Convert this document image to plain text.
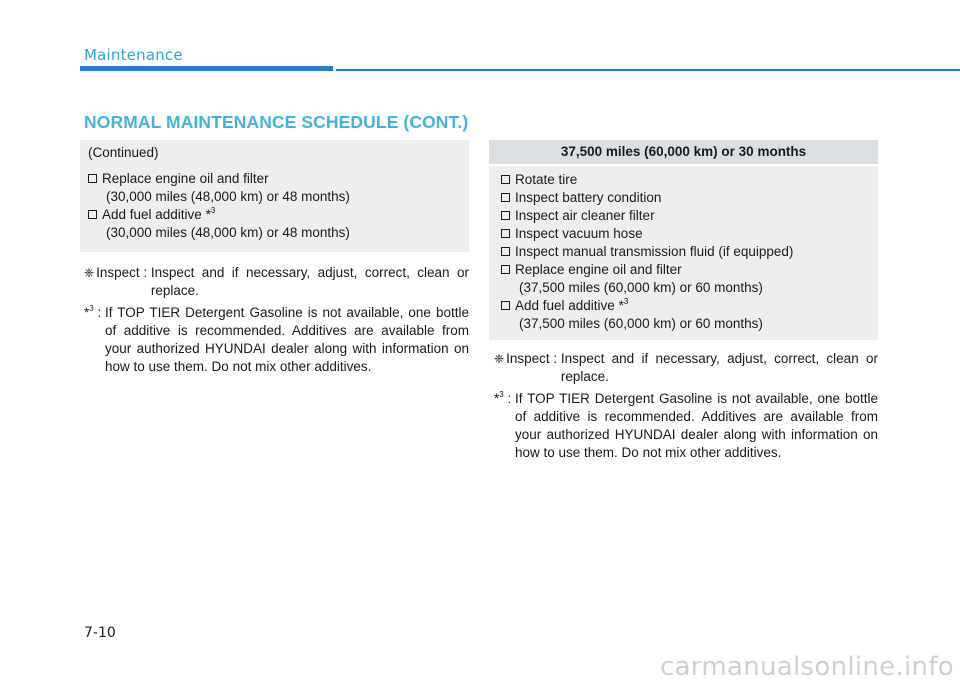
Maintenance
NORMAL MAINTENANCE SCHEDULE (CONT.)
(Continued)
Replace engine oil and filter
(30,000 miles (48,000 km) or 48 months)
Add fuel additive *$^3$
(30,000 miles (48,000 km) or 48 months)
❈ Inspect : Inspect and if necessary, adjust, correct, clean or replace.
*$^3$ : If TOP TIER Detergent Gasoline is not available, one bottle of additive is recommended. Additives are available from your authorized HYUNDAI dealer along with information on how to use them. Do not mix other additives.
37,500 miles (60,000 km) or 30 months
Rotate tire
Inspect battery condition
Inspect air cleaner filter
Inspect vacuum hose
Inspect manual transmission fluid (if equipped)
Replace engine oil and filter
(37,500 miles (60,000 km) or 60 months)
Add fuel additive *$^3$
(37,500 miles (60,000 km) or 60 months)
❈ Inspect : Inspect and if necessary, adjust, correct, clean or replace.
*$^3$ : If TOP TIER Detergent Gasoline is not available, one bottle of additive is recommended. Additives are available from your authorized HYUNDAI dealer along with information on how to use them. Do not mix other additives.
7-10
carmanualsonline.info
